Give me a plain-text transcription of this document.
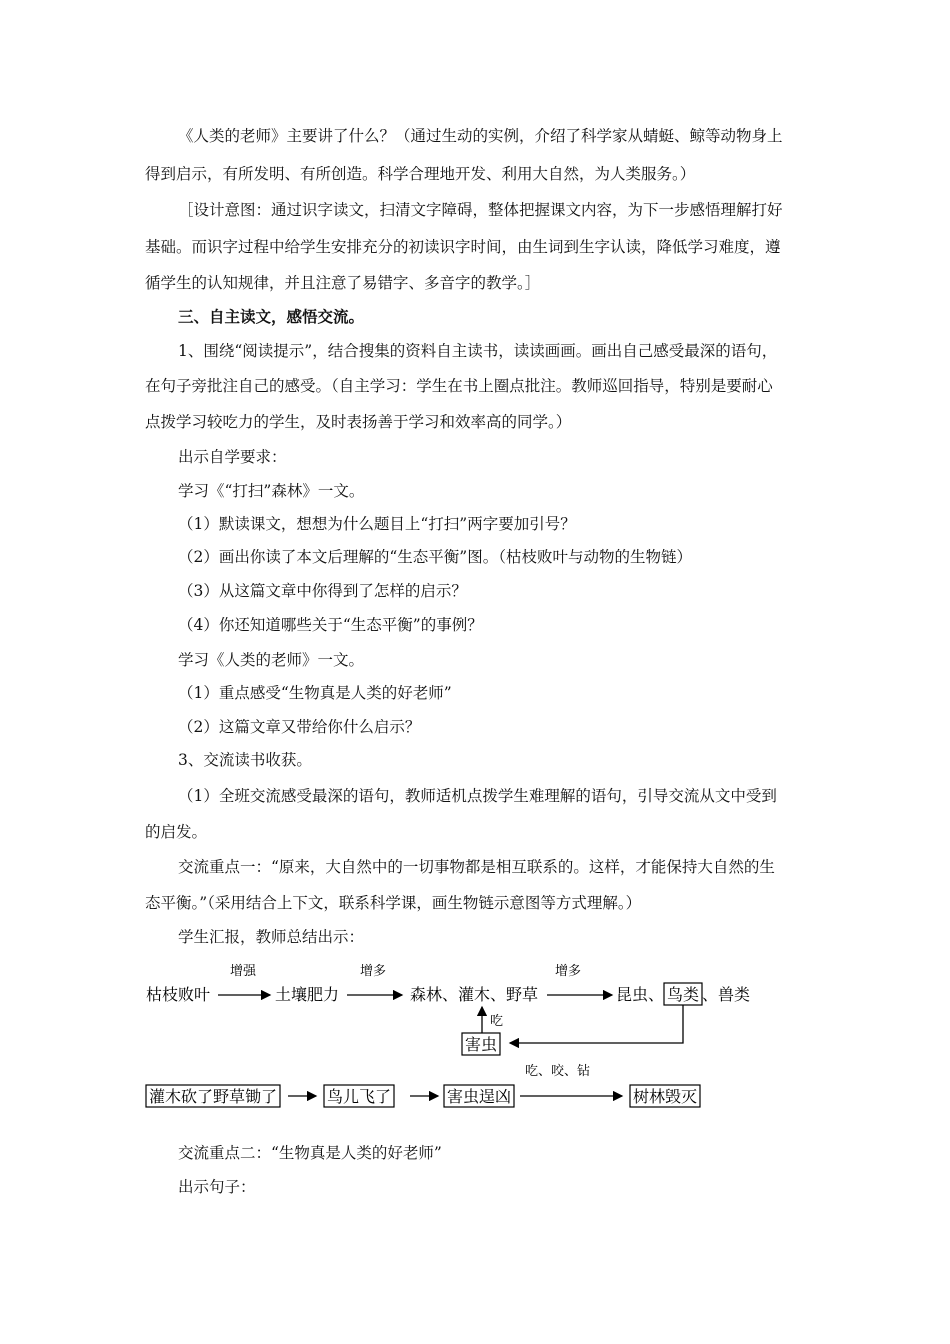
《人类的老师》主要讲了什么？（通过生动的实例，介绍了科学家从蜻蜓、鲸等动物身上
得到启示，有所发明、有所创造。科学合理地开发、利用大自然，为人类服务。）
［设计意图：通过识字读文，扫清文字障碍，整体把握课文内容，为下一步感悟理解打好
基础。而识字过程中给学生安排充分的初读识字时间，由生词到生字认读，降低学习难度，遵
循学生的认知规律，并且注意了易错字、多音字的教学。］
三、自主读文，感悟交流。
1、围绕“阅读提示”，结合搜集的资料自主读书，读读画画。画出自己感受最深的语句，
在句子旁批注自己的感受。（自主学习：学生在书上圈点批注。教师巡回指导，特别是要耐心
点拨学习较吃力的学生，及时表扬善于学习和效率高的同学。）
出示自学要求：
学习《“打扫”森林》一文。
（1）默读课文，想想为什么题目上“打扫”两字要加引号？
（2）画出你读了本文后理解的“生态平衡”图。（枯枝败叶与动物的生物链）
（3）从这篇文章中你得到了怎样的启示？
（4）你还知道哪些关于“生态平衡”的事例？
学习《人类的老师》一文。
（1）重点感受“生物真是人类的好老师”
（2）这篇文章又带给你什么启示？
3、交流读书收获。
（1）全班交流感受最深的语句，教师适机点拨学生难理解的语句，引导交流从文中受到
的启发。
交流重点一：“原来，大自然中的一切事物都是相互联系的。这样，才能保持大自然的生
态平衡。”（采用结合上下文，联系科学课，画生物链示意图等方式理解。）
学生汇报，教师总结出示：
枯枝败叶
增强
土壤肥力
增多
森林、灌木、野草
增多
昆虫、 鸟类 、兽类
吃
害虫
吃、咬、钻
灌木砍了野草锄了	鸟儿飞了	害虫逞凶	树林毁灭
交流重点二：“生物真是人类的好老师”
出示句子：
